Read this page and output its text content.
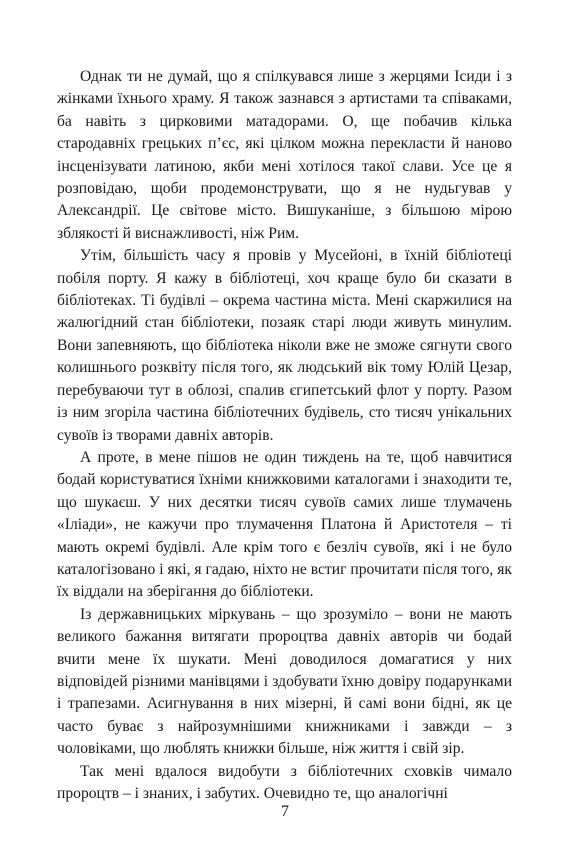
Однак ти не думай, що я спілкувався лише з жерцями Ісиди і з жінками їхнього храму. Я також зазнався з артистами та співаками, ба навіть з цирковими матадорами. О, ще побачив кілька стародавніх грецьких п’єс, які цілком можна перекласти й наново інсценізувати латиною, якби мені хотілося такої слави. Усе це я розповідаю, щоби продемонструвати, що я не нудьгував у Александрії. Це світове місто. Вишуканіше, з більшою мірою зблякості й виснажливості, ніж Рим.

Утім, більшість часу я провів у Мусейоні, в їхній бібліотеці побіля порту. Я кажу в бібліотеці, хоч краще було би сказати в бібліотеках. Ті будівлі – окрема частина міста. Мені скаржилися на жалюгідний стан бібліотеки, позаяк старі люди живуть минулим. Вони запевняють, що бібліотека ніколи вже не зможе сягнути свого колишнього розквіту після того, як людський вік тому Юлій Цезар, перебуваючи тут в облозі, спалив єгипетський флот у порту. Разом із ним згоріла частина бібліотечних будівель, сто тисяч унікальних сувоїв із творами давніх авторів.

А проте, в мене пішов не один тиждень на те, щоб навчитися бодай користуватися їхніми книжковими каталогами і знаходити те, що шукаєш. У них десятки тисяч сувоїв самих лише тлумачень «Іліади», не кажучи про тлумачення Платона й Аристотеля – ті мають окремі будівлі. Але крім того є безліч сувоїв, які і не було каталогізовано і які, я гадаю, ніхто не встиг прочитати після того, як їх віддали на зберігання до бібліотеки.

Із державницьких міркувань – що зрозуміло – вони не мають великого бажання витягати пророцтва давніх авторів чи бодай вчити мене їх шукати. Мені доводилося домагатися у них відповідей різними манівцями і здобувати їхню довіру подарунками і трапезами. Асигнування в них мізерні, й самі вони бідні, як це часто буває з найрозумнішими книжниками і завжди – з чоловіками, що люблять книжки більше, ніж життя і свій зір.

Так мені вдалося видобути з бібліотечних сховків чимало пророцтв – і знаних, і забутих. Очевидно те, що аналогічні

7
